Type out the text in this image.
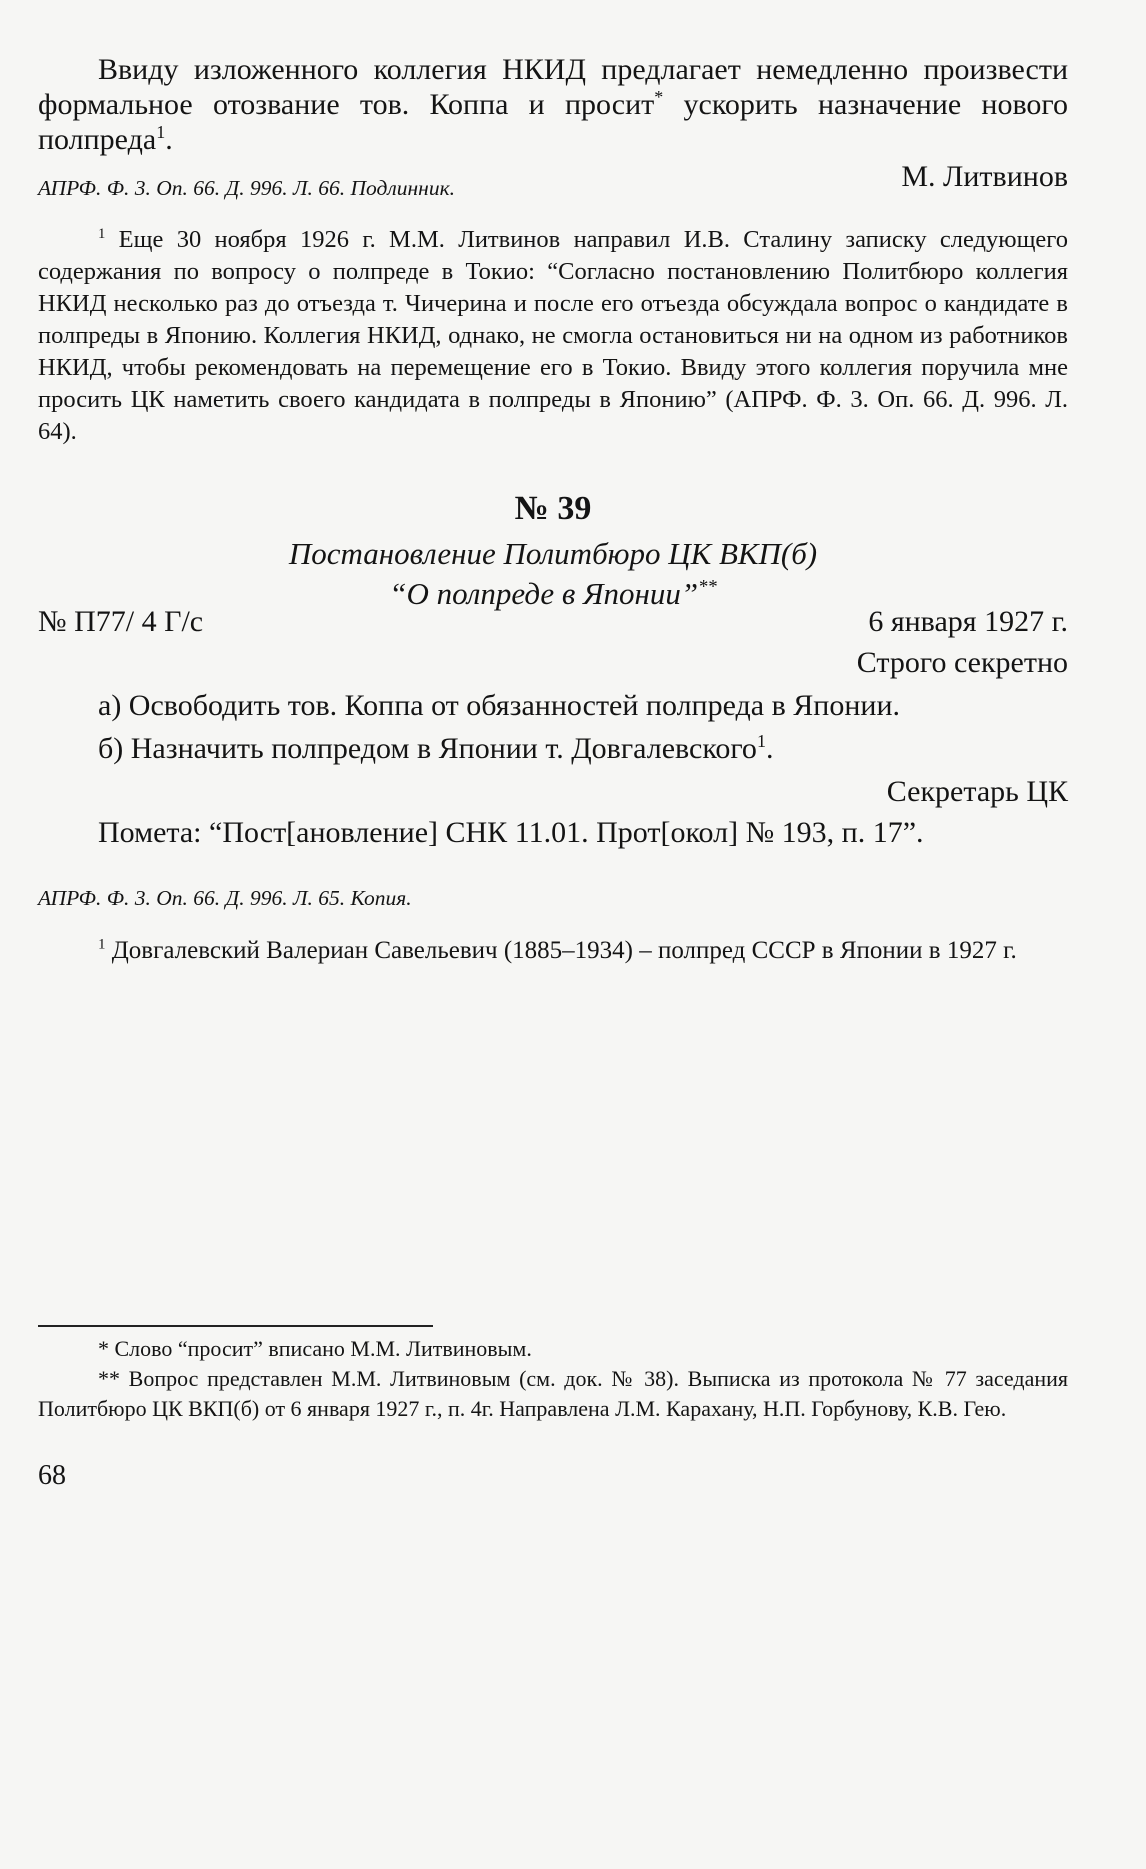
Ввиду изложенного коллегия НКИД предлагает немедленно произвести формальное отозвание тов. Коппа и просит* ускорить назначение нового полпреда$^1$.

М. Литвинов

АПРФ. Ф. 3. Оп. 66. Д. 996. Л. 66. Подлинник.

$^1$ Еще 30 ноября 1926 г. М.М. Литвинов направил И.В. Сталину записку следующего содержания по вопросу о полпреде в Токио: “Согласно постановлению Политбюро коллегия НКИД несколько раз до отъезда т. Чичерина и после его отъезда обсуждала вопрос о кандидате в полпреды в Японию. Коллегия НКИД, однако, не смогла остановиться ни на одном из работников НКИД, чтобы рекомендовать на перемещение его в Токио. Ввиду этого коллегия поручила мне просить ЦК наметить своего кандидата в полпреды в Японию” (АПРФ. Ф. 3. Оп. 66. Д. 996. Л. 64).

№ 39

Постановление Политбюро ЦК ВКП(б)

“О полпреде в Японии”**

№ П77/ 4 Г/с	6 января 1927 г.

Строго секретно

а) Освободить тов. Коппа от обязанностей полпреда в Японии.

б) Назначить полпредом в Японии т. Довгалевского$^1$.

Секретарь ЦК

Помета: “Пост[ановление] СНК 11.01. Прот[окол] № 193, п. 17”.

АПРФ. Ф. 3. Оп. 66. Д. 996. Л. 65. Копия.

$^1$ Довгалевский Валериан Савельевич (1885–1934) – полпред СССР в Японии в 1927 г.

* Слово “просит” вписано М.М. Литвиновым.

** Вопрос представлен М.М. Литвиновым (см. док. № 38). Выписка из протокола № 77 заседания Политбюро ЦК ВКП(б) от 6 января 1927 г., п. 4г. Направлена Л.М. Карахану, Н.П. Горбунову, К.В. Гею.

68
